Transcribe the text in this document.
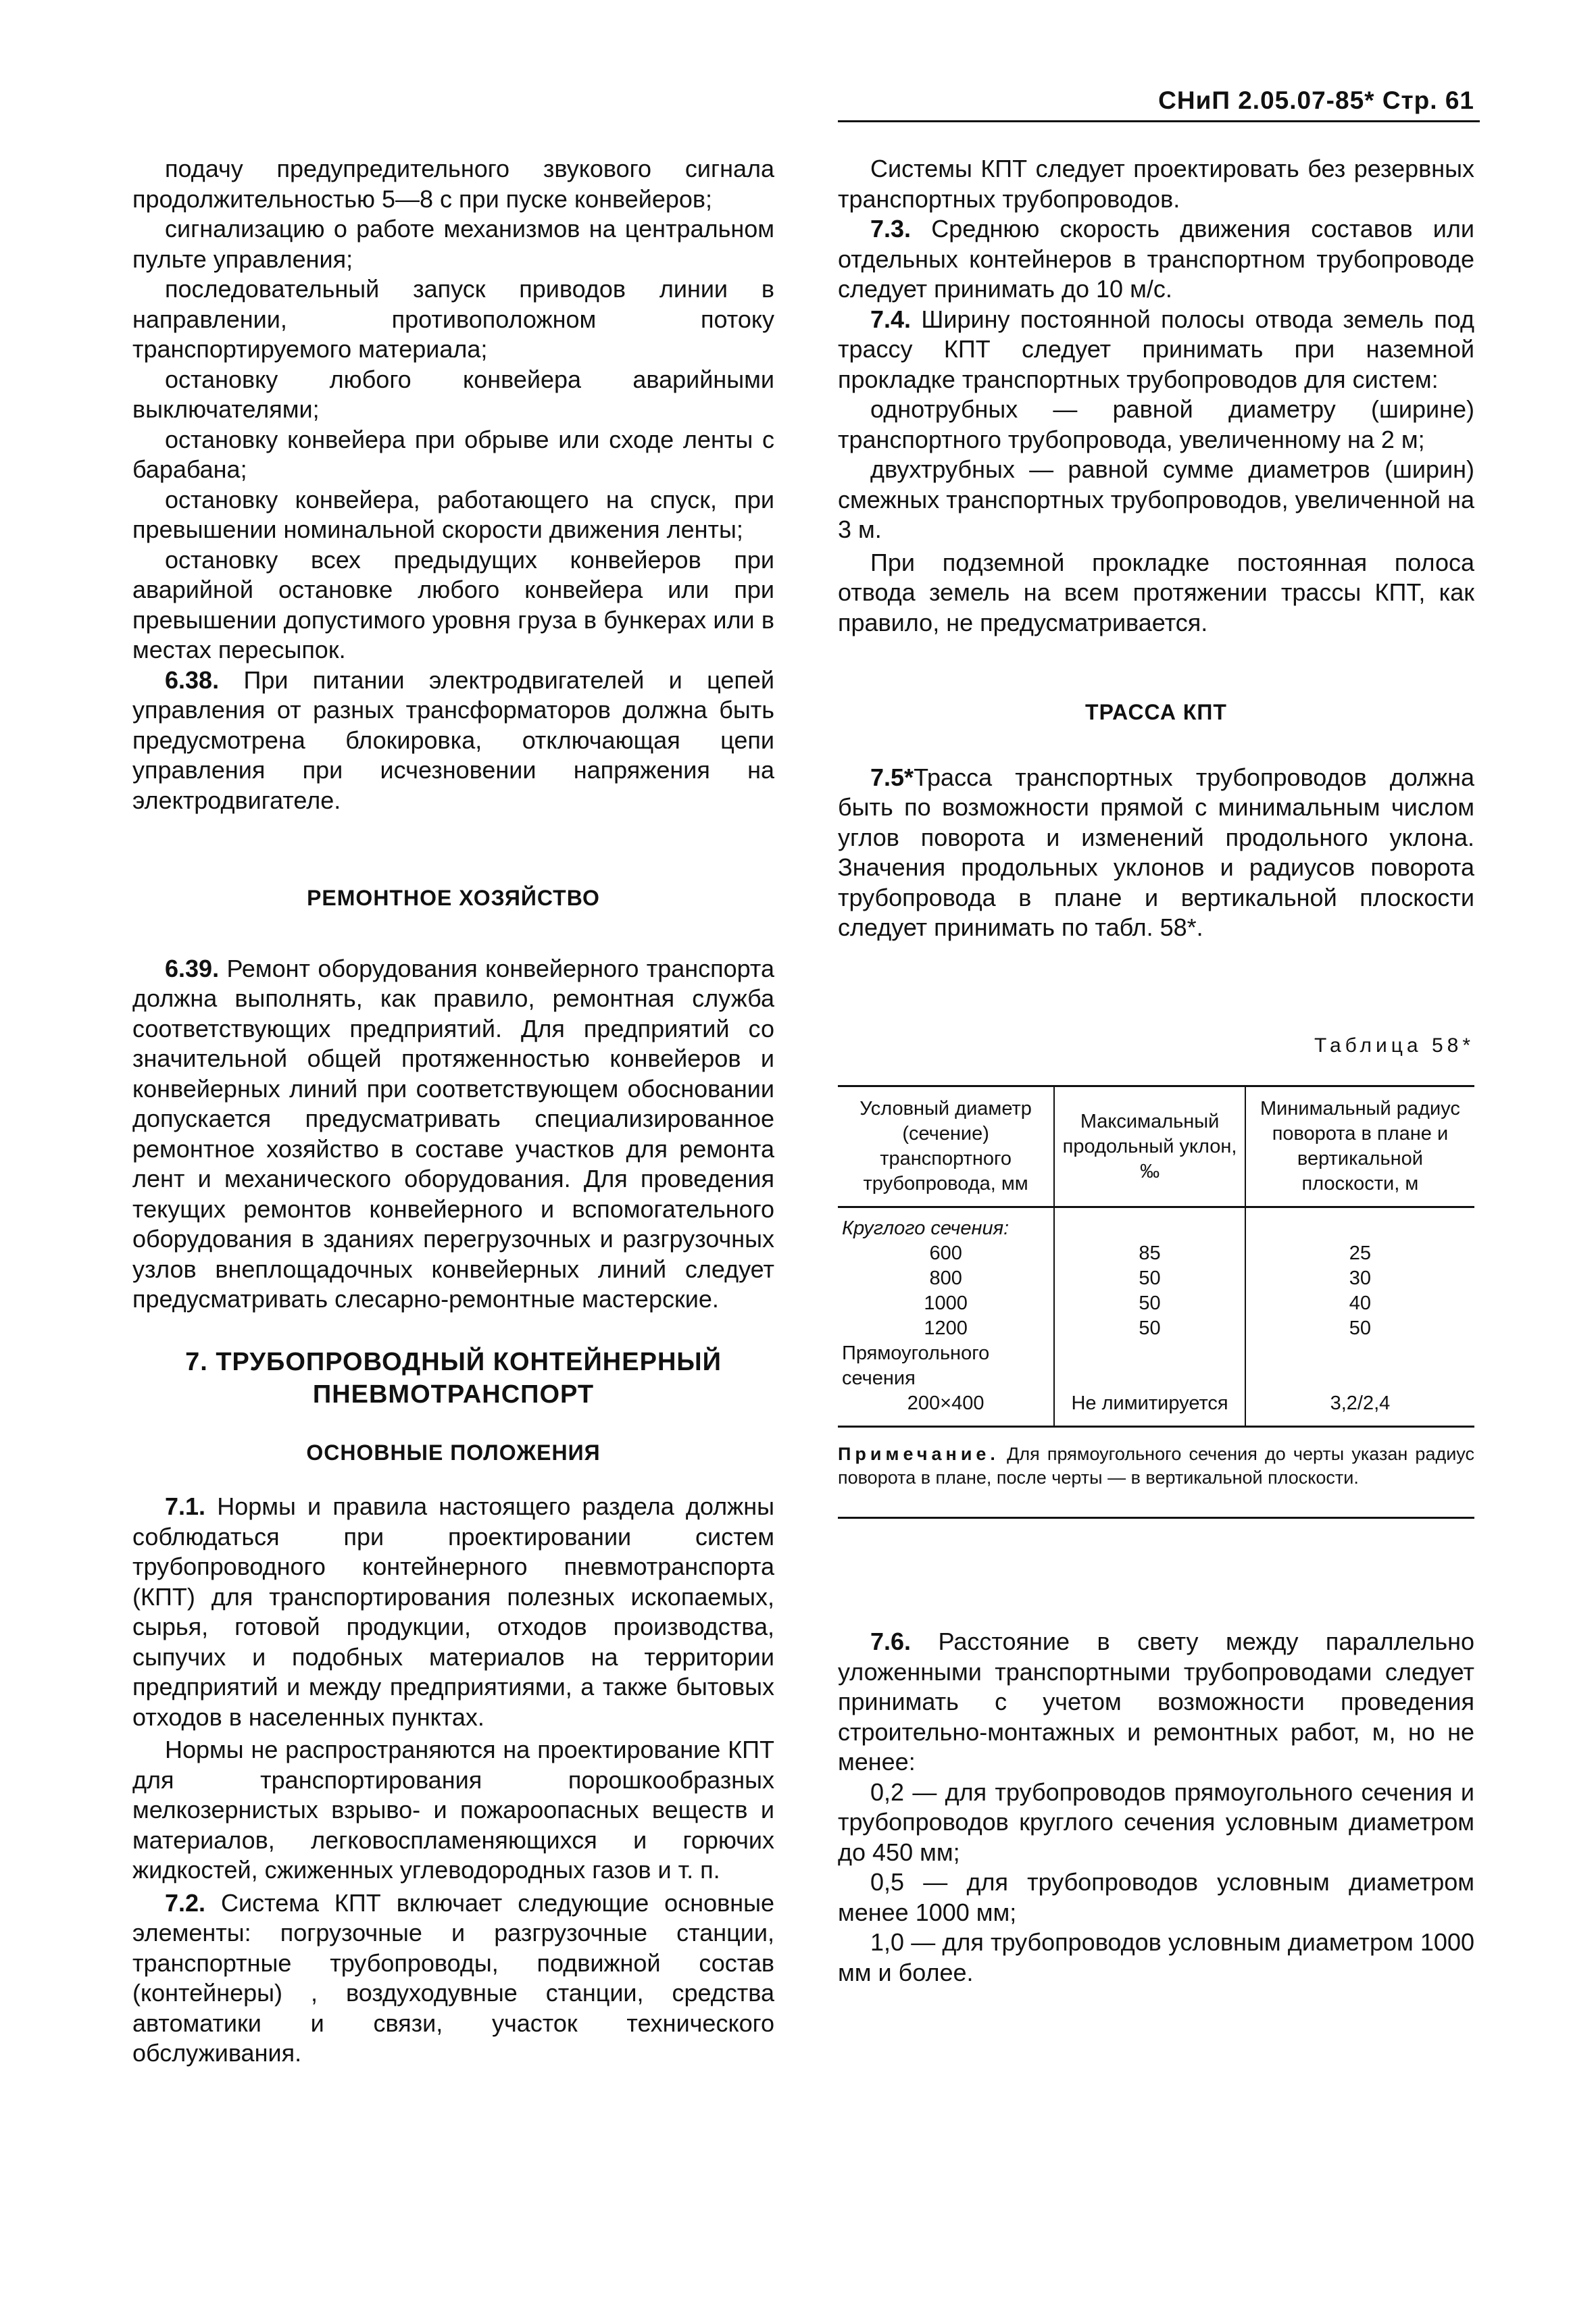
СНиП 2.05.07-85* Стр. 61

подачу предупредительного звукового сигнала продолжительностью 5—8 с при пуске конвейеров;

сигнализацию о работе механизмов на центральном пульте управления;

последовательный запуск приводов линии в направлении, противоположном потоку транспортируемого материала;

остановку любого конвейера аварийными выключателями;

остановку конвейера при обрыве или сходе ленты с барабана;

остановку конвейера, работающего на спуск, при превышении номинальной скорости движения ленты;

остановку всех предыдущих конвейеров при аварийной остановке любого конвейера или при превышении допустимого уровня груза в бункерах или в местах пересыпок.

6.38. При питании электродвигателей и цепей управления от разных трансформаторов должна быть предусмотрена блокировка, отключающая цепи управления при исчезновении напряжения на электродвигателе.

РЕМОНТНОЕ ХОЗЯЙСТВО

6.39. Ремонт оборудования конвейерного транспорта должна выполнять, как правило, ремонтная служба соответствующих предприятий. Для предприятий со значительной общей протяженностью конвейеров и конвейерных линий при соответствующем обосновании допускается предусматривать специализированное ремонтное хозяйство в составе участков для ремонта лент и механического оборудования. Для проведения текущих ремонтов конвейерного и вспомогательного оборудования в зданиях перегрузочных и разгрузочных узлов внеплощадочных конвейерных линий следует предусматривать слесарно-ремонтные мастерские.

7. ТРУБОПРОВОДНЫЙ КОНТЕЙНЕРНЫЙ

ПНЕВМОТРАНСПОРТ

ОСНОВНЫЕ ПОЛОЖЕНИЯ

7.1. Нормы и правила настоящего раздела должны соблюдаться при проектировании систем трубопроводного контейнерного пневмотранспорта (КПТ) для транспортирования полезных ископаемых, сырья, готовой продукции, отходов производства, сыпучих и подобных материалов на территории предприятий и между предприятиями, а также бытовых отходов в населенных пунктах.

Нормы не распространяются на проектирование КПТ для транспортирования порошкообразных мелкозернистых взрыво- и пожароопасных веществ и материалов, легковоспламеняющихся и горючих жидкостей, сжиженных углеводородных газов и т. п.

7.2. Система КПТ включает следующие основные элементы: погрузочные и разгрузочные станции, транспортные трубопроводы, подвижной состав (контейнеры) , воздуходувные станции, средства автоматики и связи, участок технического обслуживания.

Системы КПТ следует проектировать без резервных транспортных трубопроводов.

7.3. Среднюю скорость движения составов или отдельных контейнеров в транспортном трубопроводе следует принимать до 10 м/с.

7.4. Ширину постоянной полосы отвода земель под трассу КПТ следует принимать при наземной прокладке транспортных трубопроводов для систем:

однотрубных — равной диаметру (ширине) транспортного трубопровода, увеличенному на 2 м;

двухтрубных — равной сумме диаметров (ширин) смежных транспортных трубопроводов, увеличенной на 3 м.

При подземной прокладке постоянная полоса отвода земель на всем протяжении трассы КПТ, как правило, не предусматривается.

ТРАССА КПТ

7.5*Трасса транспортных трубопроводов должна быть по возможности прямой с минимальным числом углов поворота и изменений продольного уклона. Значения продольных уклонов и радиусов поворота трубопровода в плане и вертикальной плоскости следует принимать по табл. 58*.

Таблица 58*

Условный диаметр (сечение) транспортного трубопровода, мм	Максимальный продольный уклон, ‰	Минимальный радиус поворота в плане и вертикальной плоскости, м
Круглого сечения:		
600	85	25
800	50	30
1000	50	40
1200	50	50
Прямоугольного сечения		
200×400	Не лимитируется	3,2/2,4

Примечание. Для прямоугольного сечения до черты указан радиус поворота в плане, после черты — в вертикальной плоскости.

7.6. Расстояние в свету между параллельно уложенными транспортными трубопроводами следует принимать с учетом возможности проведения строительно-монтажных и ремонтных работ, м, но не менее:

0,2 — для трубопроводов прямоугольного сечения и трубопроводов круглого сечения условным диаметром до 450 мм;

0,5 — для трубопроводов условным диаметром менее 1000 мм;

1,0 — для трубопроводов условным диаметром 1000 мм и более.
